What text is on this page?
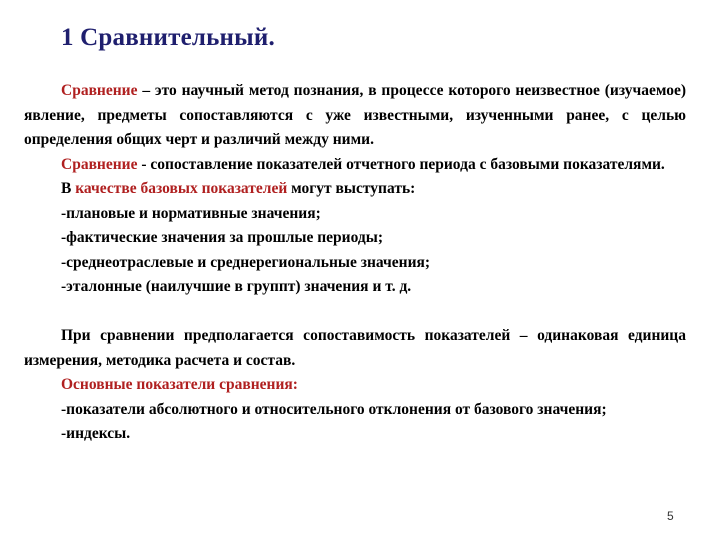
1 Сравнительный.

Сравнение – это научный метод познания, в процессе которого неизвестное (изучаемое) явление, предметы сопоставляются с уже известными, изученными ранее, с целью определения общих черт и различий между ними.

Сравнение - сопоставление показателей отчетного периода с базовыми показателями.

В качестве базовых показателей могут выступать:

-плановые и нормативные значения;

-фактические значения за прошлые периоды;

-среднеотраслевые и среднерегиональные значения;

-эталонные (наилучшие в группт) значения и т. д.

При сравнении предполагается сопоставимость показателей – одинаковая единица измерения, методика расчета и состав.

Основные показатели сравнения:

-показатели абсолютного и относительного отклонения от базового значения;

-индексы.

5
